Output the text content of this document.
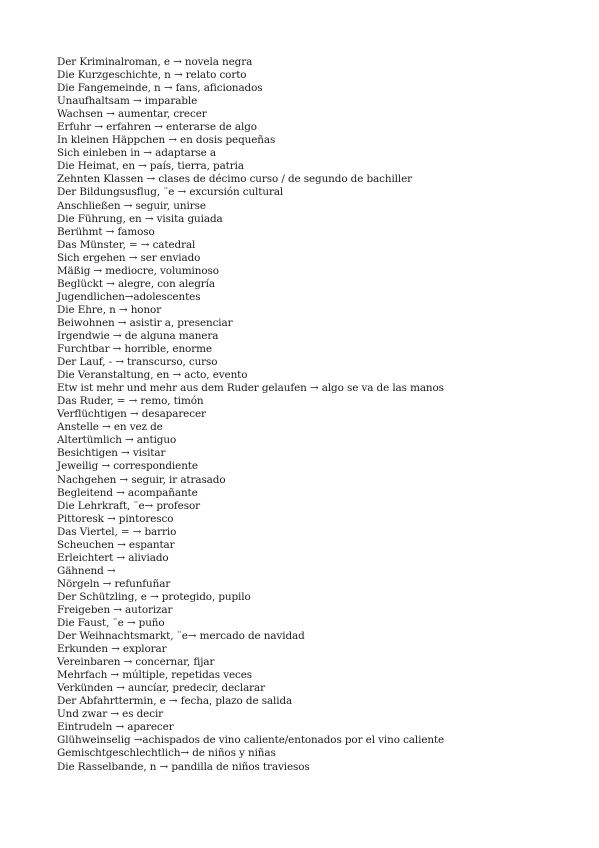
Der Kriminalroman, e → novela negra
Die Kurzgeschichte, n → relato corto
Die Fangemeinde, n → fans, aficionados
Unaufhaltsam → imparable
Wachsen → aumentar, crecer
Erfuhr → erfahren → enterarse de algo
In kleinen Häppchen → en dosis pequeñas
Sich einleben in → adaptarse a
Die Heimat, en → país, tierra, patria
Zehnten Klassen → clases de décimo curso / de segundo de bachiller
Der Bildungsusflug, ¨e → excursión cultural
Anschließen → seguir, unirse
Die Führung, en → visita guiada
Berühmt → famoso
Das Münster, = → catedral
Sich ergehen → ser enviado
Mäßig → mediocre, voluminoso
Beglückt → alegre, con alegría
Jugendlichen→adolescentes
Die Ehre, n → honor
Beiwohnen → asistir a, presenciar
Irgendwie → de alguna manera
Furchtbar → horrible, enorme
Der Lauf, - → transcurso, curso
Die Veranstaltung, en → acto, evento
Etw ist mehr und mehr aus dem Ruder gelaufen → algo se va de las manos
Das Ruder, = → remo, timón
Verflüchtigen → desaparecer
Anstelle → en vez de
Altertümlich → antiguo
Besichtigen → visitar
Jeweilig → correspondiente
Nachgehen → seguir, ir atrasado
Begleitend → acompañante
Die Lehrkraft, ¨e→ profesor
Pittoresk → pintoresco
Das Viertel, = → barrio
Scheuchen → espantar
Erleichtert → aliviado
Gähnend →
Nörgeln → refunfuñar
Der Schützling, e → protegido, pupilo
Freigeben → autorizar
Die Faust, ¨e → puño
Der Weihnachtsmarkt, ¨e→ mercado de navidad
Erkunden → explorar
Vereinbaren → concernar, fijar
Mehrfach → múltiple, repetidas veces
Verkünden → auncíar, predecir, declarar
Der Abfahrttermin, e → fecha, plazo de salida
Und zwar → es decir
Eintrudeln → aparecer
Glühweinselig →achispados de vino caliente/entonados por el vino caliente
Gemischtgeschlechtlich→ de niños y niñas
Die Rasselbande, n → pandilla de niños traviesos
